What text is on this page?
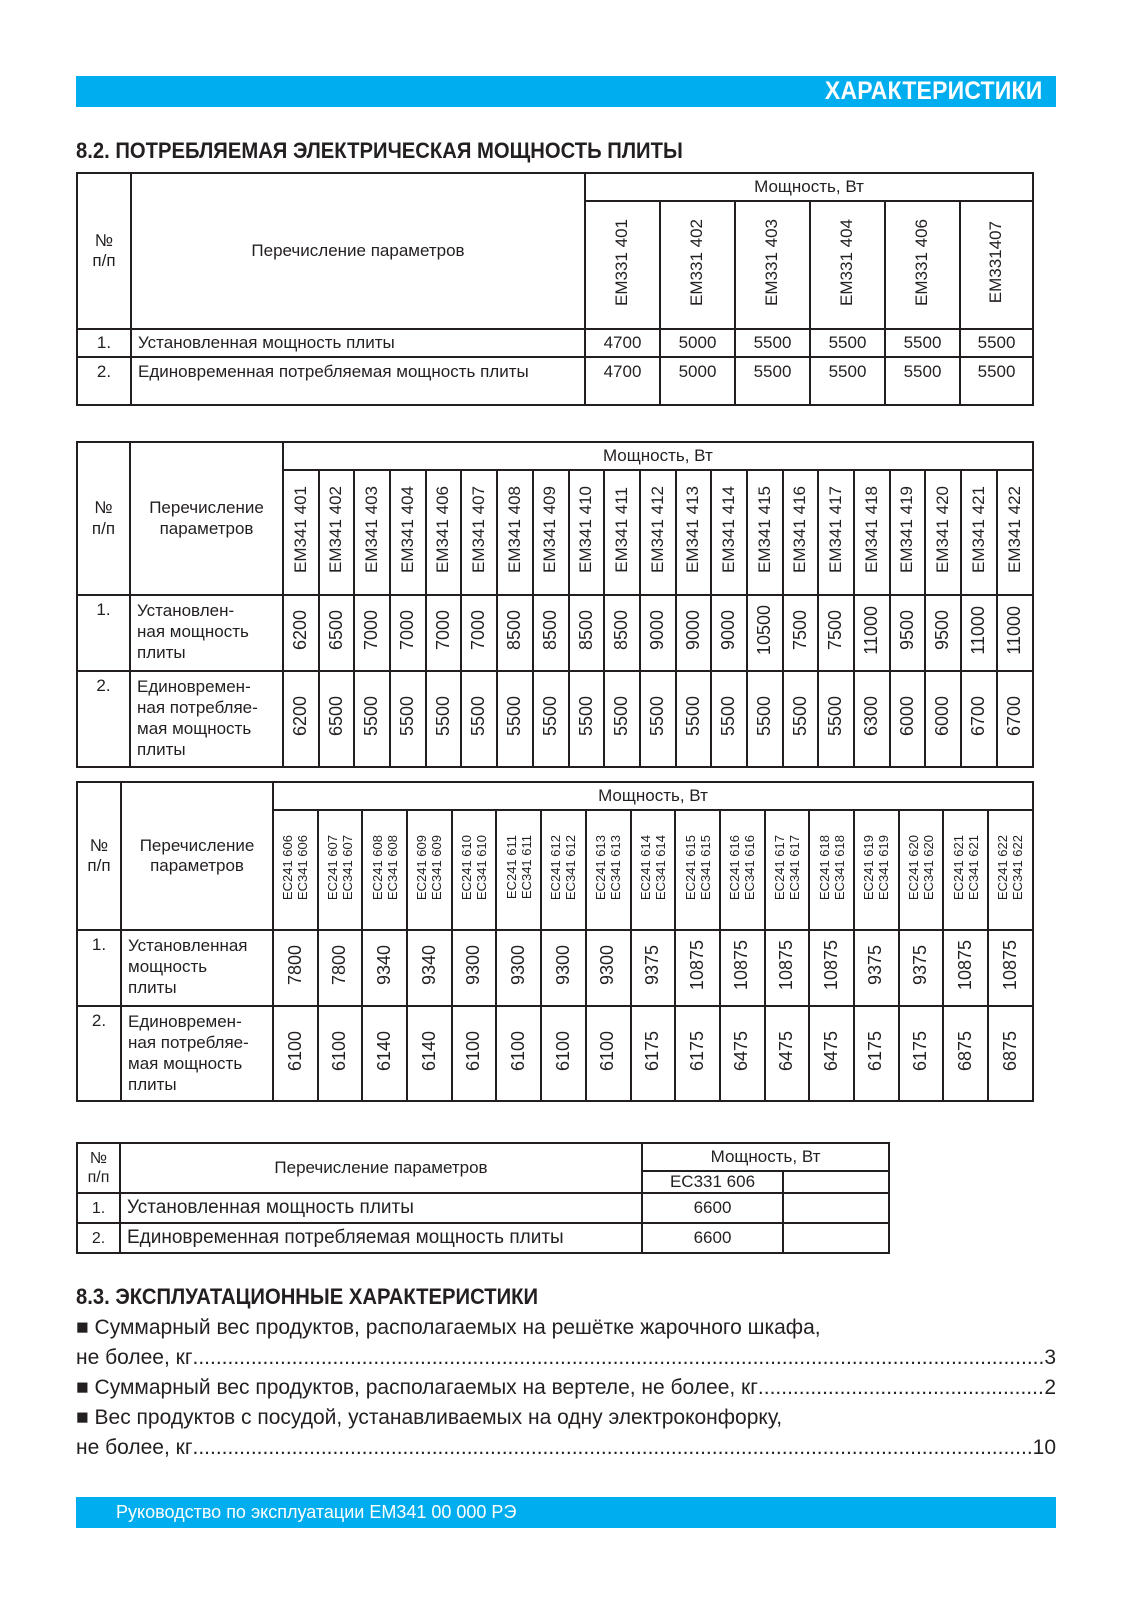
ХАРАКТЕРИСТИКИ
8.2. ПОТРЕБЛЯЕМАЯ ЭЛЕКТРИЧЕСКАЯ МОЩНОСТЬ ПЛИТЫ
№
п/п	Перечисление параметров	Мощность, Вт					
		ЕМ331 401	ЕМ331 402	ЕМ331 403	ЕМ331 404	ЕМ331 406	ЕМ331407
1.	Установленная мощность плиты	4700	5000	5500	5500	5500	5500
2.	Единовременная потребляемая мощность плиты	4700	5000	5500	5500	5500	5500
№
п/п	Перечисление
параметров	Мощность, Вт																				
		ЕМ341 401	ЕМ341 402	ЕМ341 403	ЕМ341 404	ЕМ341 406	ЕМ341 407	ЕМ341 408	ЕМ341 409	ЕМ341 410	ЕМ341 411	ЕМ341 412	ЕМ341 413	ЕМ341 414	ЕМ341 415	ЕМ341 416	ЕМ341 417	ЕМ341 418	ЕМ341 419	ЕМ341 420	ЕМ341 421	ЕМ341 422
1.	Установлен-
ная мощность
плиты	6200	6500	7000	7000	7000	7000	8500	8500	8500	8500	9000	9000	9000	10500	7500	7500	11000	9500	9500	11000	11000
2.	Единовремен-
ная потребляе-
мая мощность
плиты	6200	6500	5500	5500	5500	5500	5500	5500	5500	5500	5500	5500	5500	5500	5500	5500	6300	6000	6000	6700	6700
№
п/п	Перечисление
параметров	Мощность, Вт																
		ЕС241 606
ЕС341 606	ЕС241 607
ЕС341 607	ЕС241 608
ЕС341 608	ЕС241 609
ЕС341 609	ЕС241 610
ЕС341 610	ЕС241 611
ЕС341 611	ЕС241 612
ЕС341 612	ЕС241 613
ЕС341 613	ЕС241 614
ЕС341 614	ЕС241 615
ЕС341 615	ЕС241 616
ЕС341 616	ЕС241 617
ЕС341 617	ЕС241 618
ЕС341 618	ЕС241 619
ЕС341 619	ЕС241 620
ЕС341 620	ЕС241 621
ЕС341 621	ЕС241 622
ЕС341 622
1.	Установленная
мощность
плиты	7800	7800	9340	9340	9300	9300	9300	9300	9375	10875	10875	10875	10875	9375	9375	10875	10875
2.	Единовремен-
ная потребляе-
мая мощность
плиты	6100	6100	6140	6140	6100	6100	6100	6100	6175	6175	6475	6475	6475	6175	6175	6875	6875
№
п/п	Перечисление параметров	Мощность, Вт	
		ЕС331 606	
1.	Установленная мощность плиты	6600	
2.	Единовременная потребляемая мощность плиты	6600	
8.3. ЭКСПЛУАТАЦИОННЫЕ ХАРАКТЕРИСТИКИ
■
Суммарный вес продуктов, располагаемых на решётке жарочного шкафа,
не более, кг .....	3
■
Суммарный вес продуктов, располагаемых на вертеле, не более, кг .....	2
■
Вес продуктов с посудой, устанавливаемых на одну электроконфорку,
не более, кг .....	10
Руководство по эксплуатации ЕМ341 00 000 РЭ	9
